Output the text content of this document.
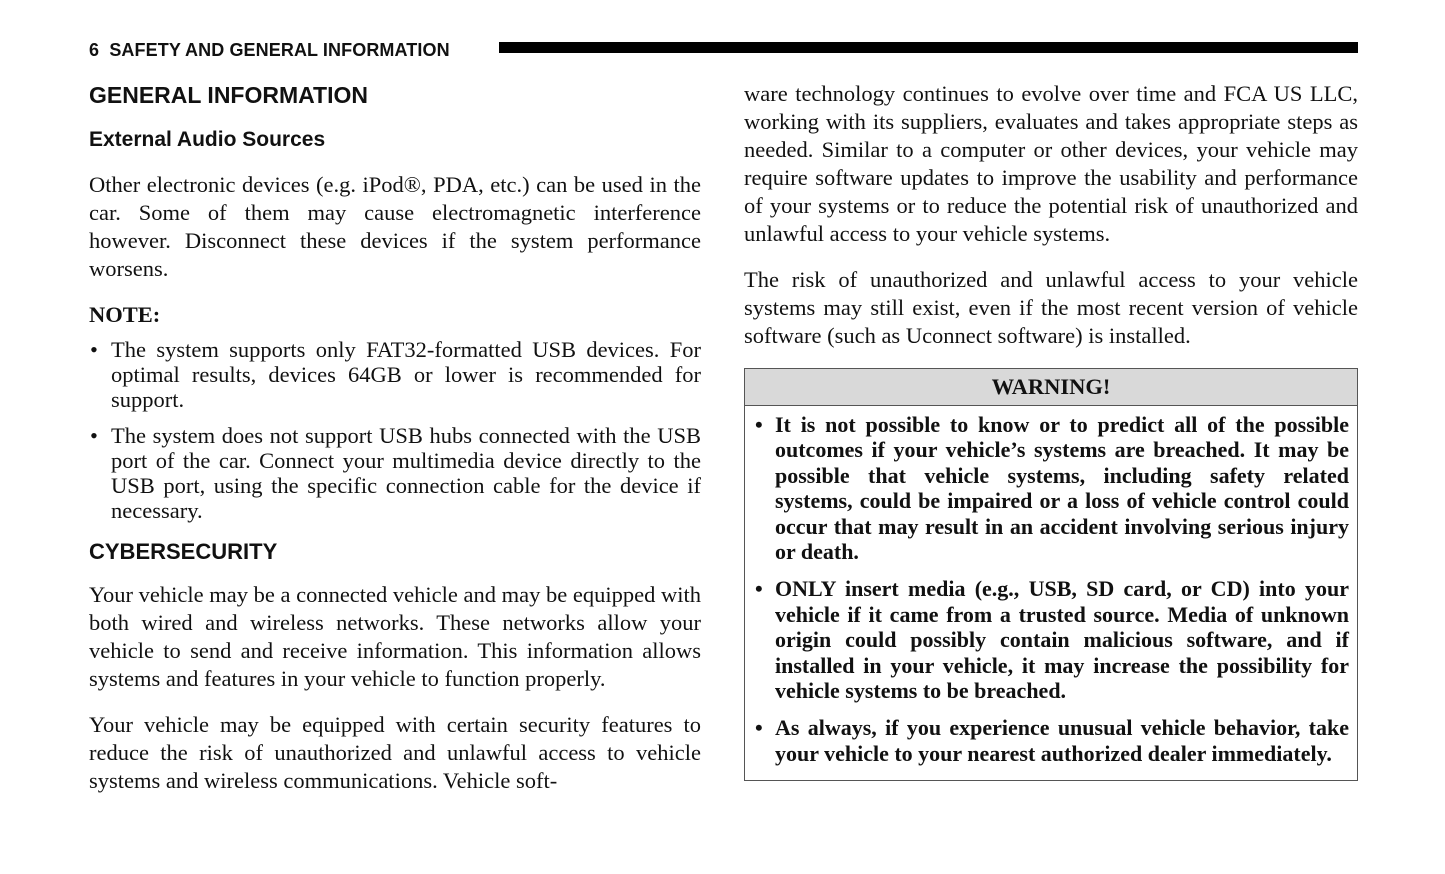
6 SAFETY AND GENERAL INFORMATION
GENERAL INFORMATION
External Audio Sources

Other electronic devices (e.g. iPod®, PDA, etc.) can be used in the car. Some of them may cause electromagnetic interference however. Disconnect these devices if the system performance worsens.

NOTE:
• The system supports only FAT32-formatted USB devices. For optimal results, devices 64GB or lower is recommended for support.
• The system does not support USB hubs connected with the USB port of the car. Connect your multimedia device directly to the USB port, using the specific connection cable for the device if necessary.
CYBERSECURITY

Your vehicle may be a connected vehicle and may be equipped with both wired and wireless networks. These networks allow your vehicle to send and receive information. This information allows systems and features in your vehicle to function properly.

Your vehicle may be equipped with certain security features to reduce the risk of unauthorized and unlawful access to vehicle systems and wireless communications. Vehicle soft-

ware technology continues to evolve over time and FCA US LLC, working with its suppliers, evaluates and takes appropriate steps as needed. Similar to a computer or other devices, your vehicle may require software updates to improve the usability and performance of your systems or to reduce the potential risk of unauthorized and unlawful access to your vehicle systems.

The risk of unauthorized and unlawful access to your vehicle systems may still exist, even if the most recent version of vehicle software (such as Uconnect software) is installed.

WARNING!
• It is not possible to know or to predict all of the possible outcomes if your vehicle’s systems are breached. It may be possible that vehicle systems, including safety related systems, could be impaired or a loss of vehicle control could occur that may result in an accident involving serious injury or death.
• ONLY insert media (e.g., USB, SD card, or CD) into your vehicle if it came from a trusted source. Media of unknown origin could possibly contain malicious software, and if installed in your vehicle, it may increase the possibility for vehicle systems to be breached.
• As always, if you experience unusual vehicle behavior, take your vehicle to your nearest authorized dealer immediately.
